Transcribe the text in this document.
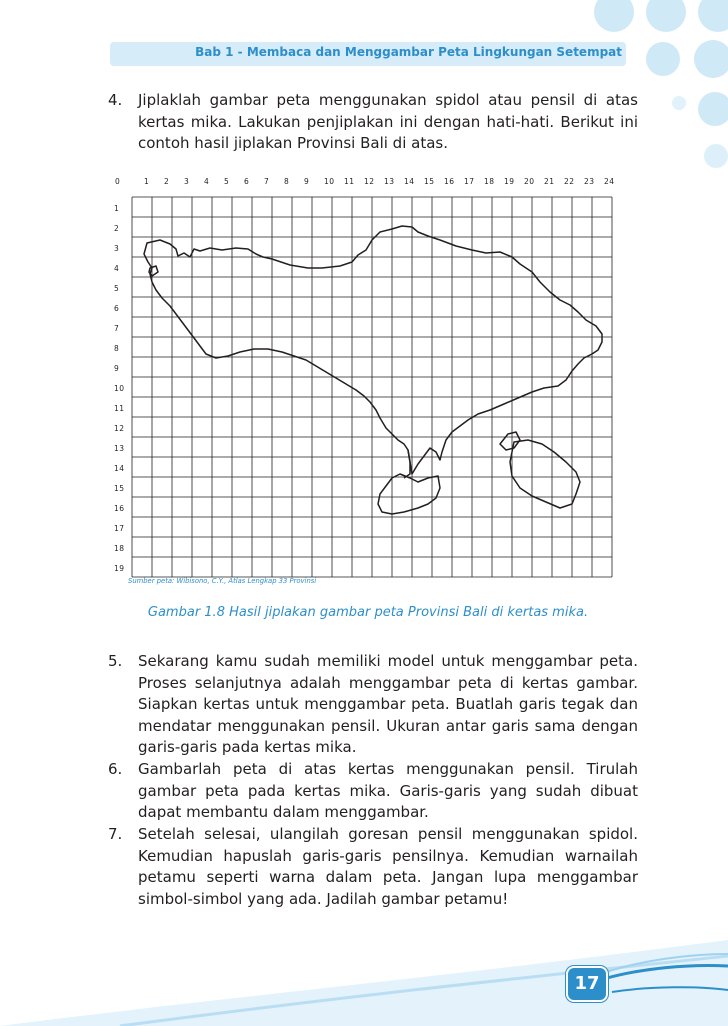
Bab 1 - Membaca dan Menggambar Peta Lingkungan Setempat
4.	Jiplaklah gambar peta menggunakan spidol atau pensil di atas kertas mika. Lakukan penjiplakan ini dengan hati-hati. Berikut ini contoh hasil jiplakan Provinsi Bali di atas.
0	1 2 3 4 5 6 7 8 9 10 11 12 13 14 15 16 17 18 19 20 21 22 23 24
1
2
3
4
5
6
7
8
9
10
11
12
13
14
15
16
17
18
19
Sumber peta: Wibisono, C.Y., Atlas Lengkap 33 Provinsi
Gambar 1.8 Hasil jiplakan gambar peta Provinsi Bali di kertas mika.
5.	Sekarang kamu sudah memiliki model untuk menggambar peta. Proses selanjutnya adalah menggambar peta di kertas gambar. Siapkan kertas untuk menggambar peta. Buatlah garis tegak dan mendatar menggunakan pensil. Ukuran antar garis sama dengan garis-garis pada kertas mika.
6.	Gambarlah peta di atas kertas menggunakan pensil. Tirulah gambar peta pada kertas mika. Garis-garis yang sudah dibuat dapat membantu dalam menggambar.
7.	Setelah selesai, ulangilah goresan pensil menggunakan spidol. Kemudian hapuslah garis-garis pensilnya. Kemudian warnailah petamu seperti warna dalam peta. Jangan lupa menggambar simbol-simbol yang ada. Jadilah gambar petamu!
17
